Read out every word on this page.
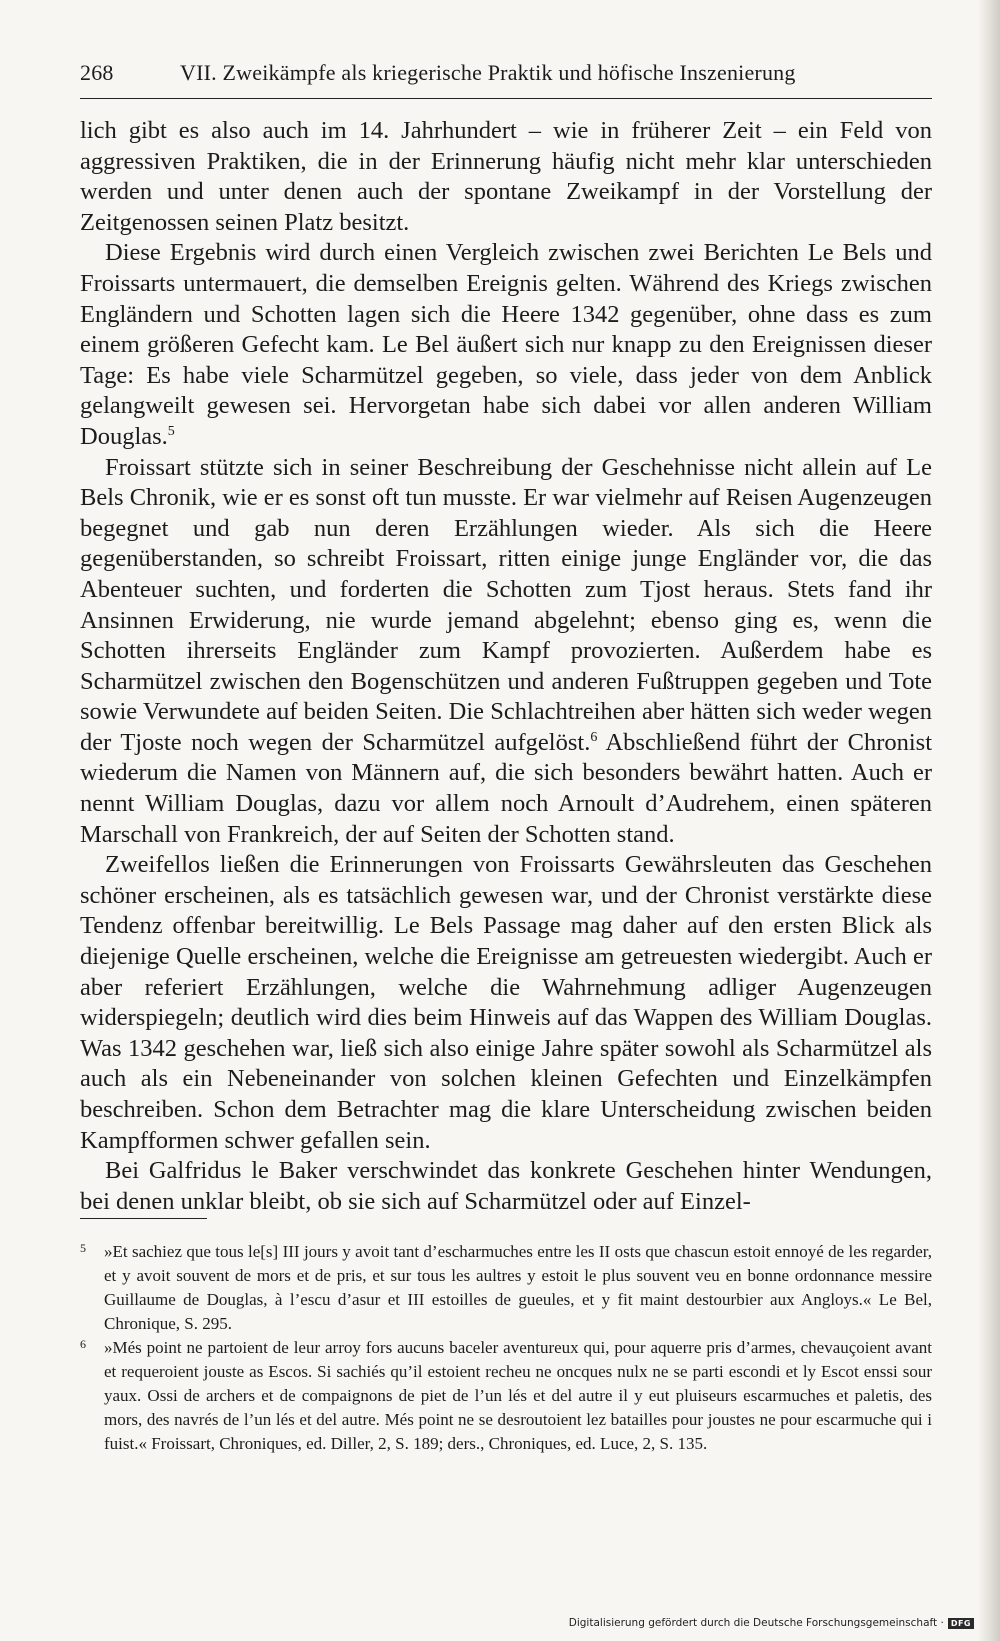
268	VII. Zweikämpfe als kriegerische Praktik und höfische Inszenierung

lich gibt es also auch im 14. Jahrhundert – wie in früherer Zeit – ein Feld von aggressiven Praktiken, die in der Erinnerung häufig nicht mehr klar unterschieden werden und unter denen auch der spontane Zweikampf in der Vorstellung der Zeitgenossen seinen Platz besitzt.

Diese Ergebnis wird durch einen Vergleich zwischen zwei Berichten Le Bels und Froissarts untermauert, die demselben Ereignis gelten. Während des Kriegs zwischen Engländern und Schotten lagen sich die Heere 1342 gegenüber, ohne dass es zum einem größeren Gefecht kam. Le Bel äußert sich nur knapp zu den Ereignissen dieser Tage: Es habe viele Scharmützel gegeben, so viele, dass jeder von dem Anblick gelangweilt gewesen sei. Hervorgetan habe sich dabei vor allen anderen William Douglas.$^5$

Froissart stützte sich in seiner Beschreibung der Geschehnisse nicht allein auf Le Bels Chronik, wie er es sonst oft tun musste. Er war vielmehr auf Reisen Augenzeugen begegnet und gab nun deren Erzählungen wieder. Als sich die Heere gegenüberstanden, so schreibt Froissart, ritten einige junge Engländer vor, die das Abenteuer suchten, und forderten die Schotten zum Tjost heraus. Stets fand ihr Ansinnen Erwiderung, nie wurde jemand abgelehnt; ebenso ging es, wenn die Schotten ihrerseits Engländer zum Kampf provozierten. Außerdem habe es Scharmützel zwischen den Bogenschützen und anderen Fußtruppen gegeben und Tote sowie Verwundete auf beiden Seiten. Die Schlachtreihen aber hätten sich weder wegen der Tjoste noch wegen der Scharmützel aufgelöst.$^6$ Abschließend führt der Chronist wiederum die Namen von Männern auf, die sich besonders bewährt hatten. Auch er nennt William Douglas, dazu vor allem noch Arnoult d’Audrehem, einen späteren Marschall von Frankreich, der auf Seiten der Schotten stand.

Zweifellos ließen die Erinnerungen von Froissarts Gewährsleuten das Geschehen schöner erscheinen, als es tatsächlich gewesen war, und der Chronist verstärkte diese Tendenz offenbar bereitwillig. Le Bels Passage mag daher auf den ersten Blick als diejenige Quelle erscheinen, welche die Ereignisse am getreuesten wiedergibt. Auch er aber referiert Erzählungen, welche die Wahrnehmung adliger Augenzeugen widerspiegeln; deutlich wird dies beim Hinweis auf das Wappen des William Douglas. Was 1342 geschehen war, ließ sich also einige Jahre später sowohl als Scharmützel als auch als ein Nebeneinander von solchen kleinen Gefechten und Einzelkämpfen beschreiben. Schon dem Betrachter mag die klare Unterscheidung zwischen beiden Kampfformen schwer gefallen sein.

Bei Galfridus le Baker verschwindet das konkrete Geschehen hinter Wendungen, bei denen unklar bleibt, ob sie sich auf Scharmützel oder auf Einzel-

5 »Et sachiez que tous le[s] III jours y avoit tant d’escharmuches entre les II osts que chascun estoit ennoyé de les regarder, et y avoit souvent de mors et de pris, et sur tous les aultres y estoit le plus souvent veu en bonne ordonnance messire Guillaume de Douglas, à l’escu d’asur et III estoilles de gueules, et y fit maint destourbier aux Angloys.« Le Bel, Chronique, S. 295.

6 »Més point ne partoient de leur arroy fors aucuns baceler aventureux qui, pour aquerre pris d’armes, chevauçoient avant et requeroient jouste as Escos. Si sachiés qu’il estoient recheu ne oncques nulx ne se parti escondi et ly Escot enssi sour yaux. Ossi de archers et de compaignons de piet de l’un lés et del autre il y eut pluiseurs escarmuches et paletis, des mors, des navrés de l’un lés et del autre. Més point ne se desroutoient lez batailles pour joustes ne pour escarmuche qui i fuist.« Froissart, Chroniques, ed. Diller, 2, S. 189; ders., Chroniques, ed. Luce, 2, S. 135.

Digitalisierung gefördert durch die Deutsche Forschungsgemeinschaft · DFG
